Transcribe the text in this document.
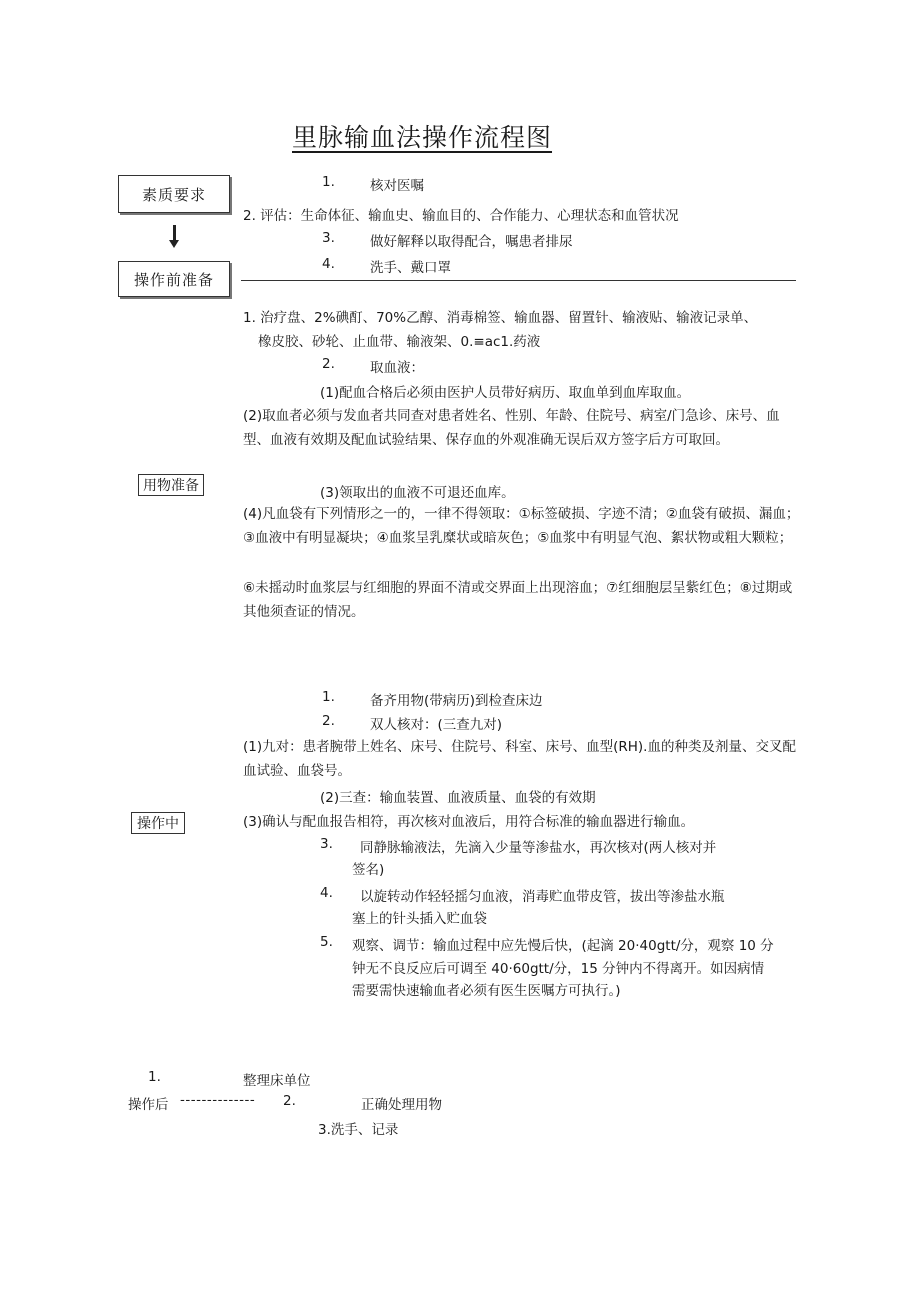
里脉输血法操作流程图
素质要求
操作前准备
1.	核对医嘱
2. 评估：生命体征、输血史、输血目的、合作能力、心理状态和血管状况
3.	做好解释以取得配合，嘱患者排尿
4.	洗手、戴口罩
用物准备
1. 治疗盘、2%碘酊、70%乙醇、消毒棉签、输血器、留置针、输液贴、输液记录单、
橡皮胶、砂轮、止血带、输液架、0.≡ac1.药液
2.	取血液：
(1)配血合格后必须由医护人员带好病历、取血单到血库取血。
(2)取血者必须与发血者共同查对患者姓名、性别、年龄、住院号、病室/门急诊、床号、血型、血液有效期及配血试验结果、保存血的外观准确无误后双方签字后方可取回。
(3)领取出的血液不可退还血库。
(4)凡血袋有下列情形之一的，一律不得领取：①标签破损、字迹不清；②血袋有破损、漏血；③血液中有明显凝块；④血浆呈乳糜状或暗灰色；⑤血浆中有明显气泡、絮状物或粗大颗粒；
⑥未摇动时血浆层与红细胞的界面不清或交界面上出现溶血；⑦红细胞层呈紫红色；⑧过期或其他须查证的情况。
操作中
1.	备齐用物(带病历)到检查床边
2.	双人核对：(三查九对)
(1)九对：患者腕带上姓名、床号、住院号、科室、床号、血型(RH).血的种类及剂量、交叉配血试验、血袋号。
(2)三查：输血装置、血液质量、血袋的有效期
(3)确认与配血报告相符，再次核对血液后，用符合标准的输血器进行输血。
3. 同静脉输液法，先滴入少量等渗盐水，再次核对(两人核对并
签名)
4. 以旋转动作轻轻摇匀血液，消毒贮血带皮管，拔出等渗盐水瓶
塞上的针头插入贮血袋
5. 观察、调节：输血过程中应先慢后快，(起滴 20·40gtt/分，观察 10 分
钟无不良反应后可调至 40·60gtt/分，15 分钟内不得离开。如因病情
需要需快速输血者必须有医生医嘱方可执行。)
1.	整理床单位
操作后 -------------- 2.	正确处理用物
3.洗手、记录
